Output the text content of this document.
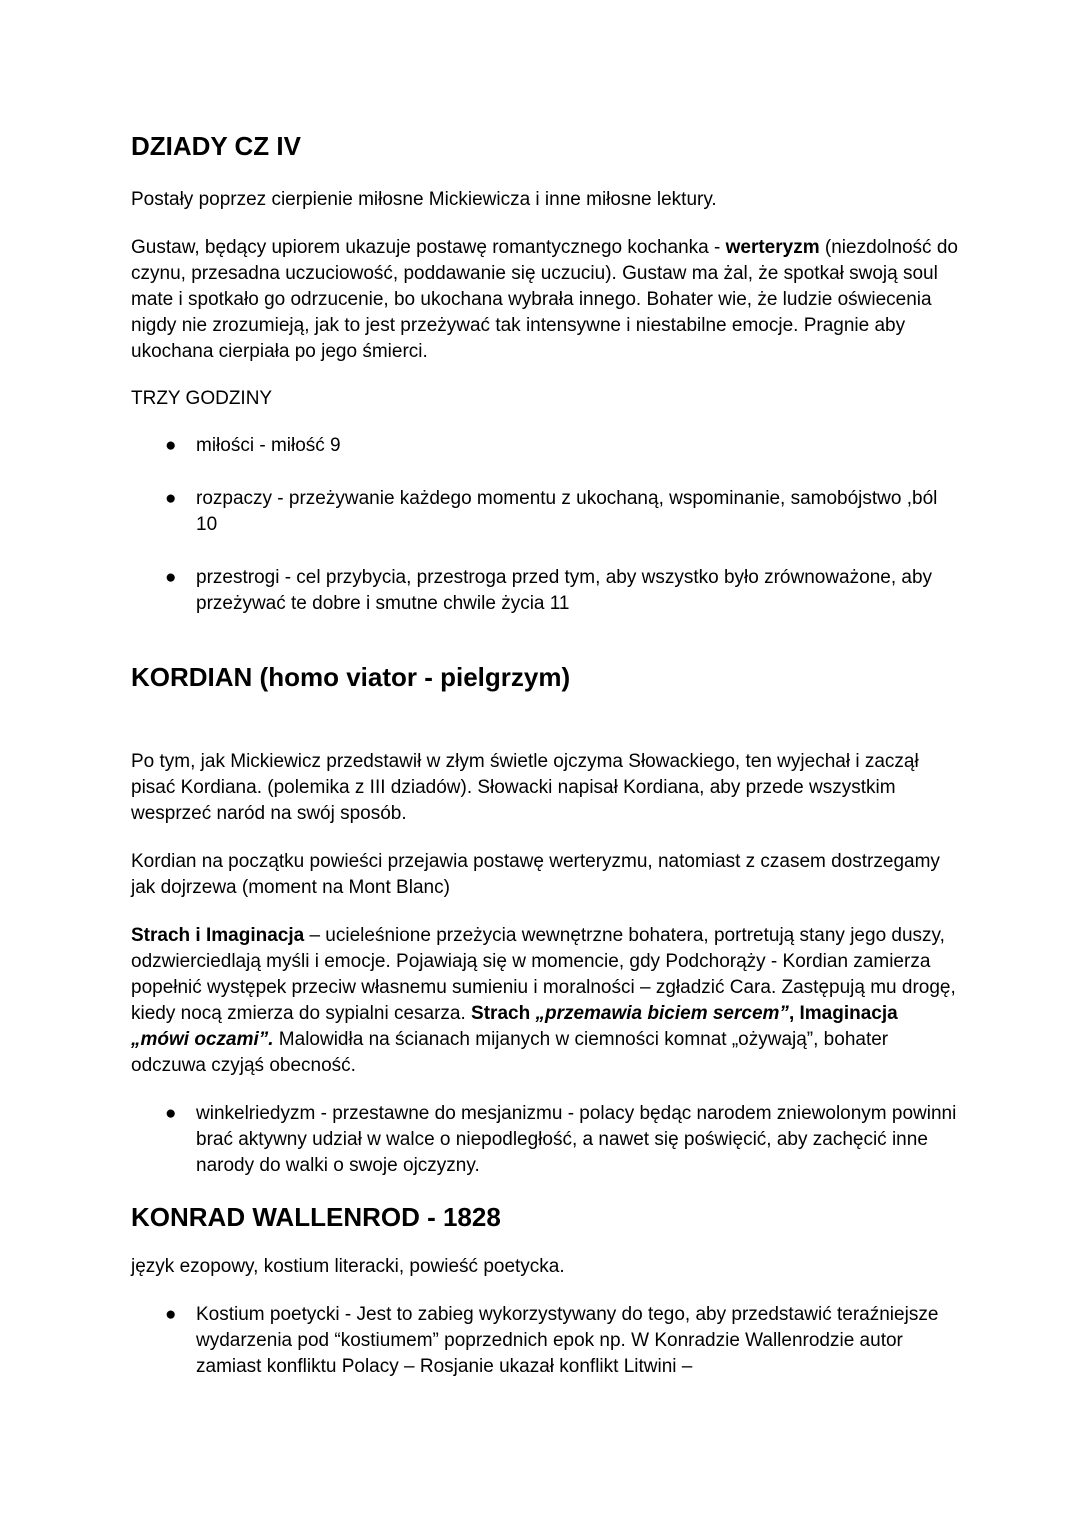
DZIADY CZ IV

Postały poprzez cierpienie miłosne Mickiewicza i inne miłosne lektury.

Gustaw, będący upiorem ukazuje postawę romantycznego kochanka - werteryzm (niezdolność do czynu, przesadna uczuciowość, poddawanie się uczuciu). Gustaw ma żal, że spotkał swoją soul mate i spotkało go odrzucenie, bo ukochana wybrała innego. Bohater wie, że ludzie oświecenia nigdy nie zrozumieją, jak to jest przeżywać tak intensywne i niestabilne emocje. Pragnie aby ukochana cierpiała po jego śmierci.

TRZY GODZINY

● miłości - miłość 9
● rozpaczy - przeżywanie każdego momentu z ukochaną, wspominanie, samobójstwo ,ból 10
● przestrogi - cel przybycia, przestroga przed tym, aby wszystko było zrównoważone, aby przeżywać te dobre i smutne chwile życia 11
KORDIAN (homo viator - pielgrzym)

Po tym, jak Mickiewicz przedstawił w złym świetle ojczyma Słowackiego, ten wyjechał i zaczął pisać Kordiana. (polemika z III dziadów). Słowacki napisał Kordiana, aby przede wszystkim wesprzeć naród na swój sposób.

Kordian na początku powieści przejawia postawę werteryzmu, natomiast z czasem dostrzegamy jak dojrzewa (moment na Mont Blanc)

Strach i Imaginacja – ucieleśnione przeżycia wewnętrzne bohatera, portretują stany jego duszy, odzwierciedlają myśli i emocje. Pojawiają się w momencie, gdy Podchorąży - Kordian zamierza popełnić występek przeciw własnemu sumieniu i moralności – zgładzić Cara. Zastępują mu drogę, kiedy nocą zmierza do sypialni cesarza. Strach „przemawia biciem sercem”, Imaginacja „mówi oczami”. Malowidła na ścianach mijanych w ciemności komnat „ożywają”, bohater odczuwa czyjąś obecność.

● winkelriedyzm - przestawne do mesjanizmu - polacy będąc narodem zniewolonym powinni brać aktywny udział w walce o niepodległość, a nawet się poświęcić, aby zachęcić inne narody do walki o swoje ojczyzny.
KONRAD WALLENROD - 1828

język ezopowy, kostium literacki, powieść poetycka.

● Kostium poetycki - Jest to zabieg wykorzystywany do tego, aby przedstawić teraźniejsze wydarzenia pod “kostiumem” poprzednich epok np. W Konradzie Wallenrodzie autor zamiast konfliktu Polacy – Rosjanie ukazał konflikt Litwini –
